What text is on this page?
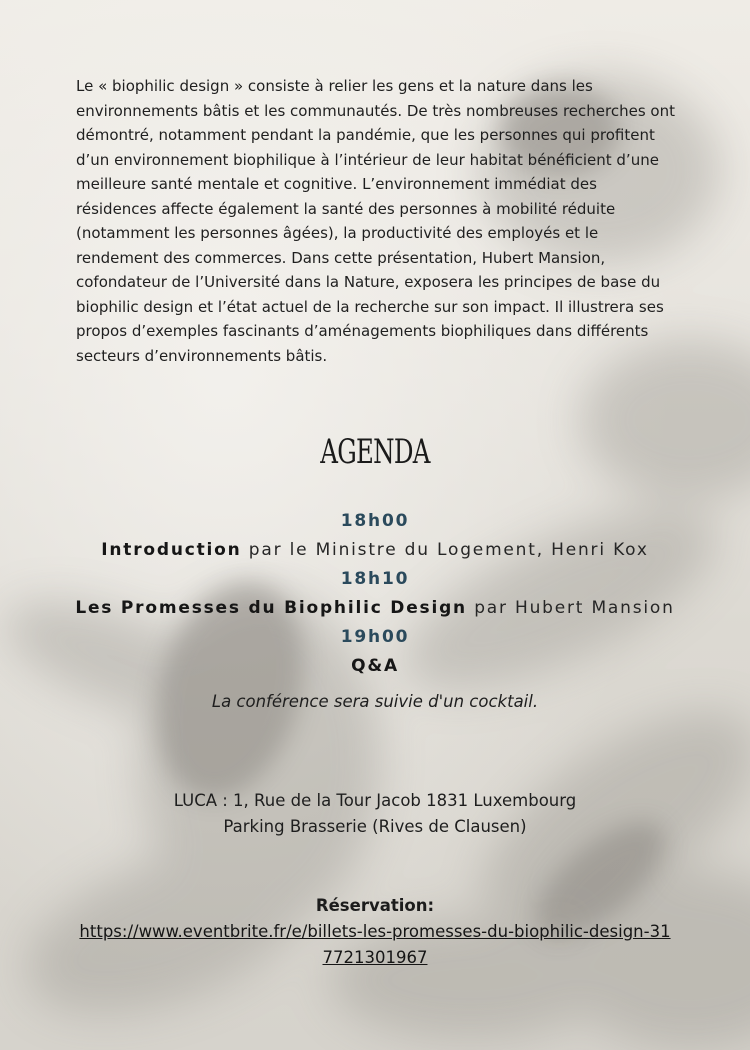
Le « biophilic design » consiste à relier les gens et la nature dans les environnements bâtis et les communautés. De très nombreuses recherches ont démontré, notamment pendant la pandémie, que les personnes qui profitent d’un environnement biophilique à l’intérieur de leur habitat bénéficient d’une meilleure santé mentale et cognitive. L’environnement immédiat des résidences affecte également la santé des personnes à mobilité réduite (notamment les personnes âgées), la productivité des employés et le rendement des commerces. Dans cette présentation, Hubert Mansion, cofondateur de l’Université dans la Nature, exposera les principes de base du biophilic design et l’état actuel de la recherche sur son impact. Il illustrera ses propos d’exemples fascinants d’aménagements biophiliques dans différents secteurs d’environnements bâtis.

AGENDA
18h00
Introduction par le Ministre du Logement, Henri Kox
18h10
Les Promesses du Biophilic Design par Hubert Mansion
19h00
Q&A
La conférence sera suivie d'un cocktail.
LUCA : 1, Rue de la Tour Jacob 1831 Luxembourg
Parking Brasserie (Rives de Clausen)
Réservation:
https://www.eventbrite.fr/e/billets-les-promesses-du-biophilic-design-317721301967
